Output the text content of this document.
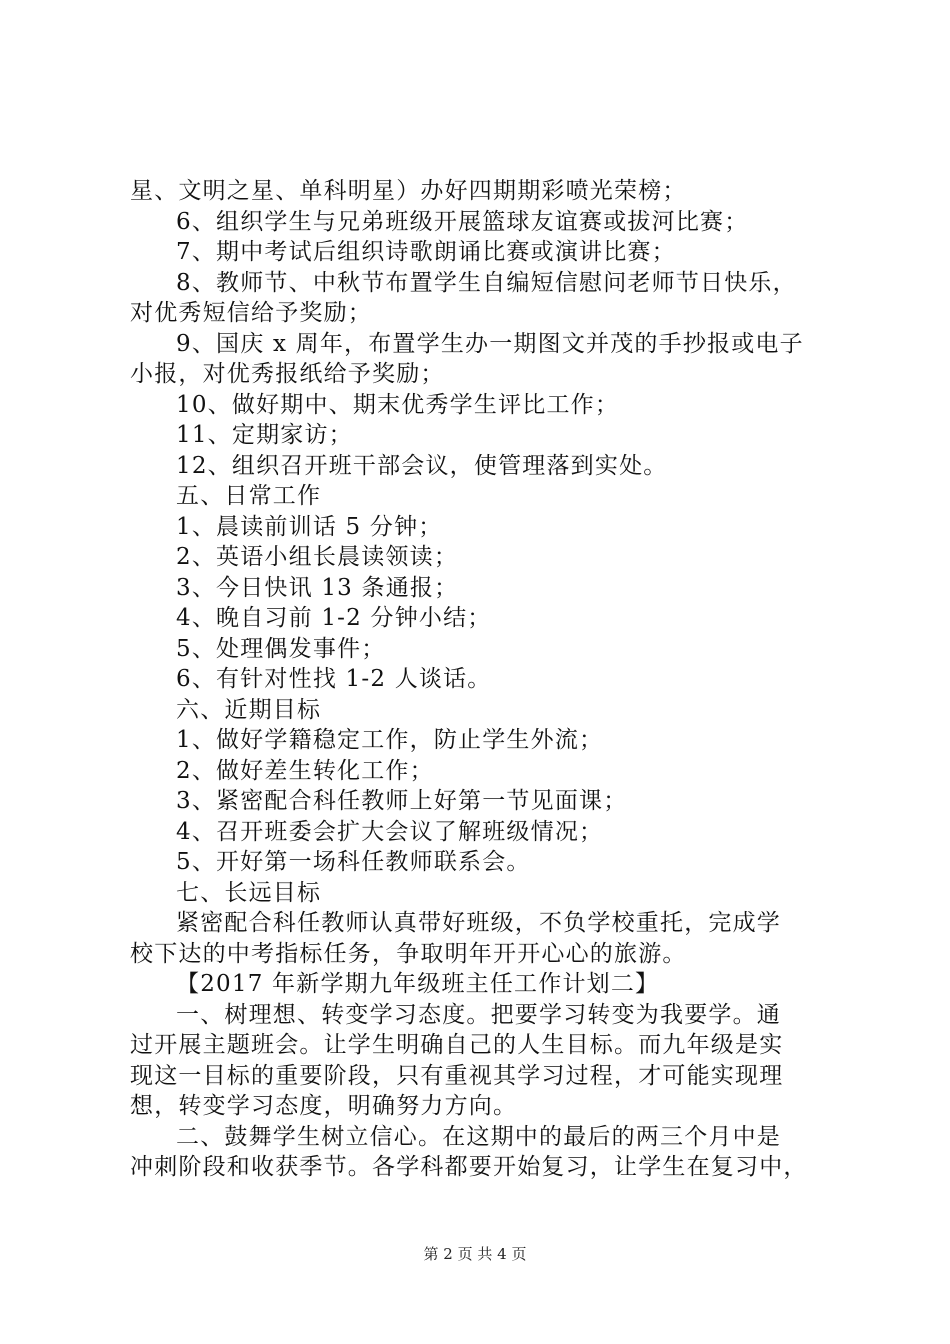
星、文明之星、单科明星）办好四期期彩喷光荣榜；
6、组织学生与兄弟班级开展篮球友谊赛或拔河比赛；
7、期中考试后组织诗歌朗诵比赛或演讲比赛；
8、教师节、中秋节布置学生自编短信慰问老师节日快乐，
对优秀短信给予奖励；
9、国庆 x 周年，布置学生办一期图文并茂的手抄报或电子
小报，对优秀报纸给予奖励；
10、做好期中、期末优秀学生评比工作；
11、定期家访；
12、组织召开班干部会议，使管理落到实处。
五、日常工作
1、晨读前训话 5 分钟；
2、英语小组长晨读领读；
3、今日快讯 13 条通报；
4、晚自习前 1-2 分钟小结；
5、处理偶发事件；
6、有针对性找 1-2 人谈话。
六、近期目标
1、做好学籍稳定工作，防止学生外流；
2、做好差生转化工作；
3、紧密配合科任教师上好第一节见面课；
4、召开班委会扩大会议了解班级情况；
5、开好第一场科任教师联系会。
七、长远目标
紧密配合科任教师认真带好班级，不负学校重托，完成学
校下达的中考指标任务，争取明年开开心心的旅游。
【2017 年新学期九年级班主任工作计划二】
一、树理想、转变学习态度。把要学习转变为我要学。通
过开展主题班会。让学生明确自己的人生目标。而九年级是实
现这一目标的重要阶段，只有重视其学习过程，才可能实现理
想，转变学习态度，明确努力方向。
二、鼓舞学生树立信心。在这期中的最后的两三个月中是
冲刺阶段和收获季节。各学科都要开始复习，让学生在复习中，
第 2 页 共 4 页
